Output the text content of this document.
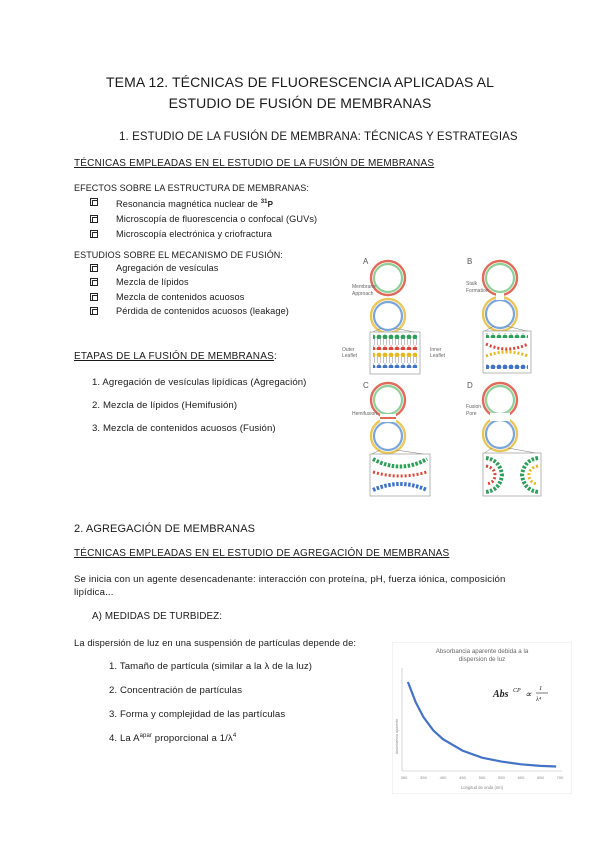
TEMA 12. TÉCNICAS DE FLUORESCENCIA APLICADAS AL
ESTUDIO DE FUSIÓN DE MEMBRANAS
1. ESTUDIO DE LA FUSIÓN DE MEMBRANA: TÉCNICAS Y ESTRATEGIAS
TÉCNICAS EMPLEADAS EN EL ESTUDIO DE LA FUSIÓN DE MEMBRANAS
EFECTOS SOBRE LA ESTRUCTURA DE MEMBRANAS:
Resonancia magnética nuclear de $^{31}$P
Microscopía de fluorescencia o confocal (GUVs)
Microscopía electrónica y criofractura
ESTUDIOS SOBRE EL MECANISMO DE FUSIÓN:
Agregación de vesículas
Mezcla de lípidos
Mezcla de contenidos acuosos
Pérdida de contenidos acuosos (leakage)
ETAPAS DE LA FUSIÓN DE MEMBRANAS:
1. Agregación de vesículas lipídicas (Agregación)
2. Mezcla de lípidos (Hemifusión)
3. Mezcla de contenidos acuosos (Fusión)
A
Membrane
Approach
Outer
Leaflet
Inner
Leaflet
B
Stalk
Formation
C
Hemifusion
D
Fusion
Pore
2. AGREGACIÓN DE MEMBRANAS
TÉCNICAS EMPLEADAS EN EL ESTUDIO DE AGREGACIÓN DE MEMBRANAS
Se inicia con un agente desencadenante: interacción con proteína, pH, fuerza iónica, composición
lipídica...
A) MEDIDAS DE TURBIDEZ:
La dispersión de luz en una suspensión de partículas depende de:
1. Tamaño de partícula (similar a la λ de la luz)
2. Concentración de partículas
3. Forma y complejidad de las partículas
4. La $A^{apar}$ proporcional a $1/\lambda^4$
Absorbancia aparente debida a la
dispersion de luz
Abs CP ∝
1
λ⁴
Absorbancia aparente
300	350	400	450	500	550	600	650	700
Longitud de onda (nm)
